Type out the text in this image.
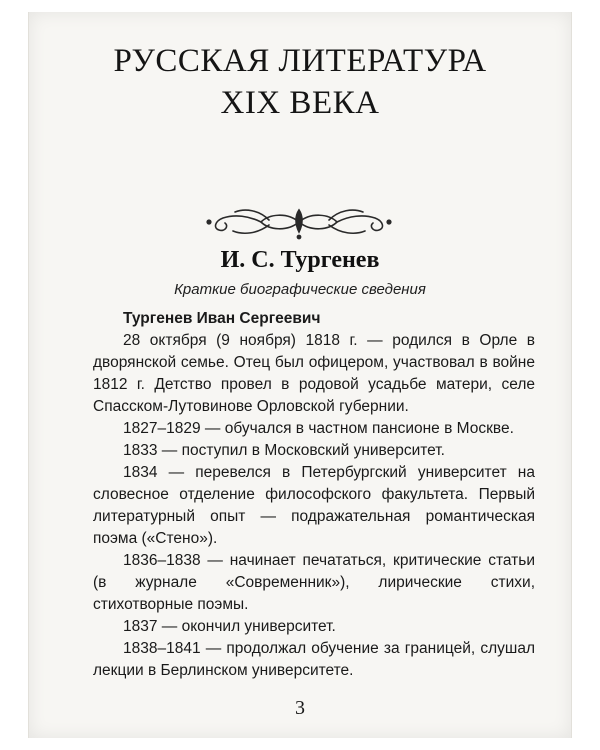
РУССКАЯ ЛИТЕРАТУРА
XIX ВЕКА
И. С. Тургенев
Краткие биографические сведения

Тургенев Иван Сергеевич

28 октября (9 ноября) 1818 г. — родился в Орле в дворянской семье. Отец был офицером, участвовал в войне 1812 г. Детство провел в родовой усадьбе матери, селе Спасском-Лутовинове Орловской губернии.

1827–1829 — обучался в частном пансионе в Москве.

1833 — поступил в Московский университет.

1834 — перевелся в Петербургский университет на словесное отделение философского факультета. Первый литературный опыт — подражательная романтическая поэма («Стено»).

1836–1838 — начинает печататься, критические статьи (в журнале «Современник»), лирические стихи, стихотворные поэмы.

1837 — окончил университет.

1838–1841 — продолжал обучение за границей, слушал лекции в Берлинском университете.

3
